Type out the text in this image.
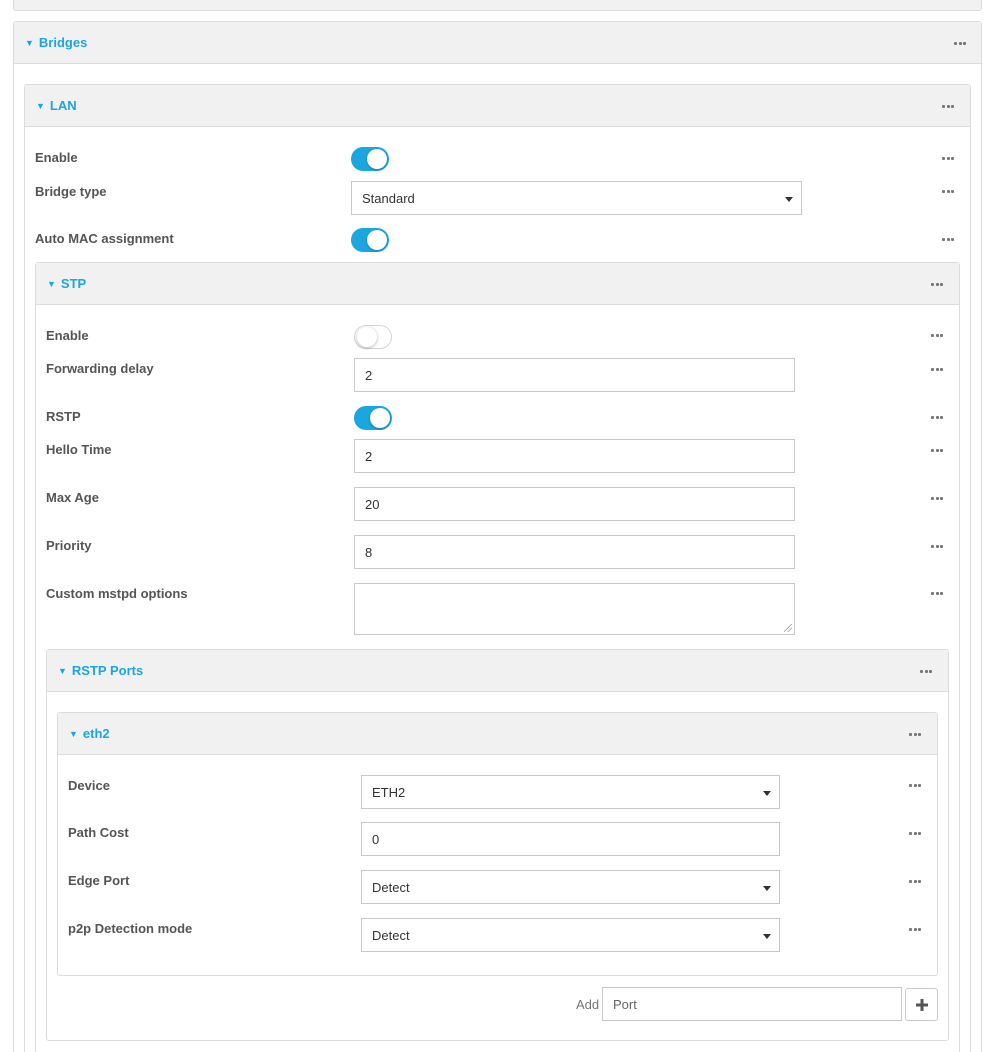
▼ Bridges
▼ LAN
Enable
Bridge type	Standard
Auto MAC assignment
▼ STP
Enable
Forwarding delay	2
RSTP
Hello Time	2
Max Age	20
Priority	8
Custom mstpd options
▼ RSTP Ports
▼ eth2
Device	ETH2
Path Cost	0
Edge Port	Detect
p2p Detection mode	Detect
Add Port
